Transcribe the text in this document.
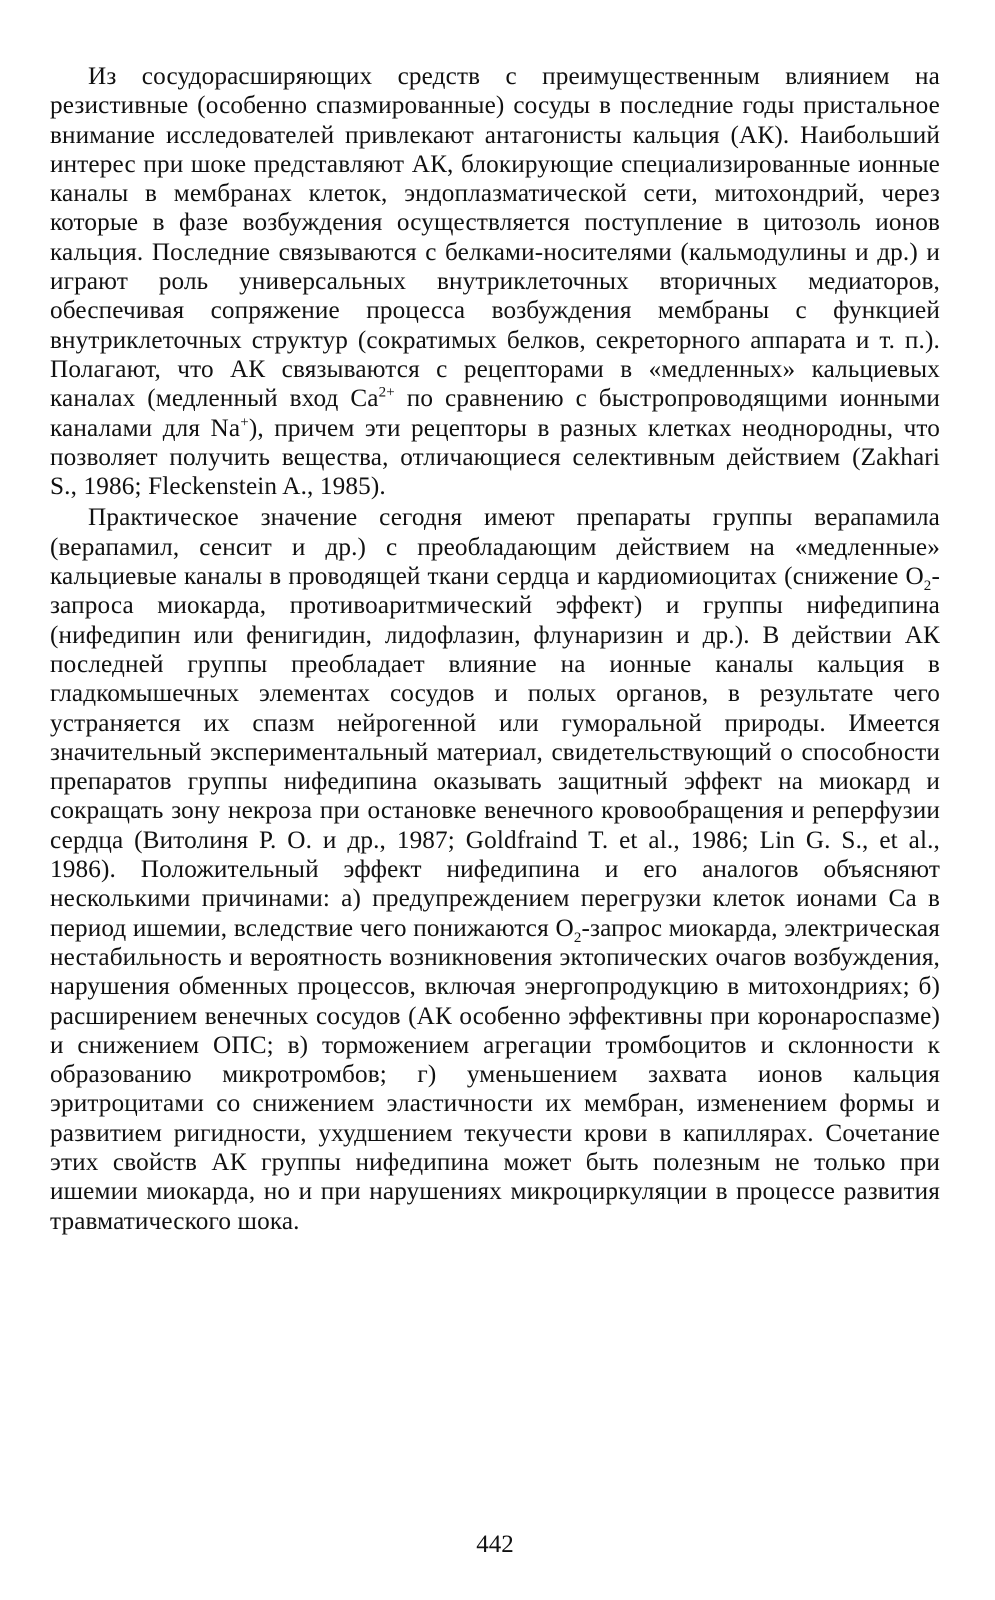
Из сосудорасширяющих средств с преимущественным влиянием на резистивные (особенно спазмированные) сосуды в последние годы пристальное внимание исследователей привлекают антагонисты кальция (АК). Наибольший интерес при шоке представляют АК, блокирующие специализированные ионные каналы в мембранах клеток, эндоплазматической сети, митохондрий, через которые в фазе возбуждения осуществляется поступление в цитозоль ионов кальция. Последние связываются с белками-носителями (кальмодулины и др.) и играют роль универсальных внутриклеточных вторичных медиаторов, обеспечивая сопряжение процесса возбуждения мембраны с функцией внутриклеточных структур (сократимых белков, секреторного аппарата и т. п.). Полагают, что АК связываются с рецепторами в «медленных» кальциевых каналах (медленный вход $Ca^{2+}$ по сравнению с быстропроводящими ионными каналами для Na+), причем эти рецепторы в разных клетках неоднородны, что позволяет получить вещества, отличающиеся селективным действием (Zakhari S., 1986; Fleckenstein A., 1985).

Практическое значение сегодня имеют препараты группы верапамила (верапамил, сенсит и др.) с преобладающим действием на «медленные» кальциевые каналы в проводящей ткани сердца и кардиомиоцитах (снижение $O_2$-запроса миокарда, противоаритмический эффект) и группы нифедипина (нифедипин или фенигидин, лидофлазин, флунаризин и др.). В действии АК последней группы преобладает влияние на ионные каналы кальция в гладкомышечных элементах сосудов и полых органов, в результате чего устраняется их спазм нейрогенной или гуморальной природы. Имеется значительный экспериментальный материал, свидетельствующий о способности препаратов группы нифедипина оказывать защитный эффект на миокард и сокращать зону некроза при остановке венечного кровообращения и реперфузии сердца (Витолиня Р. О. и др., 1987; Goldfraind T. et al., 1986; Lin G. S., et al., 1986). Положительный эффект нифедипина и его аналогов объясняют несколькими причинами: а) предупреждением перегрузки клеток ионами Са в период ишемии, вследствие чего понижаются $O_2$-запрос миокарда, электрическая нестабильность и вероятность возникновения эктопических очагов возбуждения, нарушения обменных процессов, включая энергопродукцию в митохондриях; б) расширением венечных сосудов (АК особенно эффективны при коронароспазме) и снижением ОПС; в) торможением агрегации тромбоцитов и склонности к образованию микротромбов; г) уменьшением захвата ионов кальция эритроцитами со снижением эластичности их мембран, изменением формы и развитием ригидности, ухудшением текучести крови в капиллярах. Сочетание этих свойств АК группы нифедипина может быть полезным не только при ишемии миокарда, но и при нарушениях микроциркуляции в процессе развития травматического шока.

442
